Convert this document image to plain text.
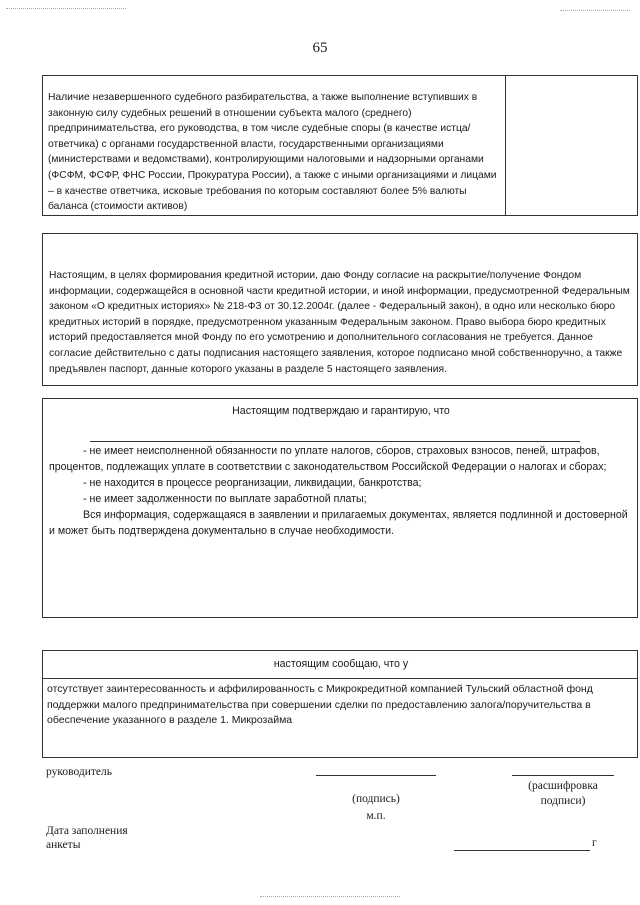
65
Наличие незавершенного судебного разбирательства, а также выполнение вступивших в законную силу судебных решений в отношении субъекта малого (среднего) предпринимательства, его руководства, в том числе судебные споры (в качестве истца/ответчика) с органами государственной власти, государственными организациями (министерствами и ведомствами), контролирующими налоговыми и надзорными органами (ФСФМ, ФСФР, ФНС России, Прокуратура России), а также с иными организациями и лицами – в качестве ответчика, исковые требования по которым составляют более 5% валюты баланса (стоимости активов)
Настоящим, в целях формирования кредитной истории, даю Фонду согласие на раскрытие/получение Фондом информации, содержащейся в основной части кредитной истории, и иной информации, предусмотренной Федеральным законом «О кредитных историях» № 218-ФЗ от 30.12.2004г. (далее - Федеральный закон), в одно или несколько бюро кредитных историй в порядке, предусмотренном указанным Федеральным законом. Право выбора бюро кредитных историй предоставляется мной Фонду по его усмотрению и дополнительного согласования не требуется. Данное согласие действительно с даты подписания настоящего заявления, которое подписано мной собственноручно, а также предъявлен паспорт, данные которого указаны в разделе 5 настоящего заявления.
Настоящим подтверждаю и гарантирую, что
- не имеет неисполненной обязанности по уплате налогов, сборов, страховых взносов, пеней, штрафов, процентов, подлежащих уплате в соответствии с законодательством Российской Федерации о налогах и сборах;
- не находится в процессе реорганизации, ликвидации, банкротства;
- не имеет задолженности по выплате заработной платы;
Вся информация, содержащаяся в заявлении и прилагаемых документах, является подлинной и достоверной и может быть подтверждена документально в случае необходимости.
настоящим сообщаю, что у
отсутствует заинтересованность и аффилированность с Микрокредитной компанией Тульский областной фонд поддержки малого предпринимательства при совершении сделки по предоставлению залога/поручительства в обеспечение указанного в разделе 1. Микрозайма
руководитель
(расшифровка
подписи)
(подпись)
м.п.
Дата заполнения
анкеты	г
